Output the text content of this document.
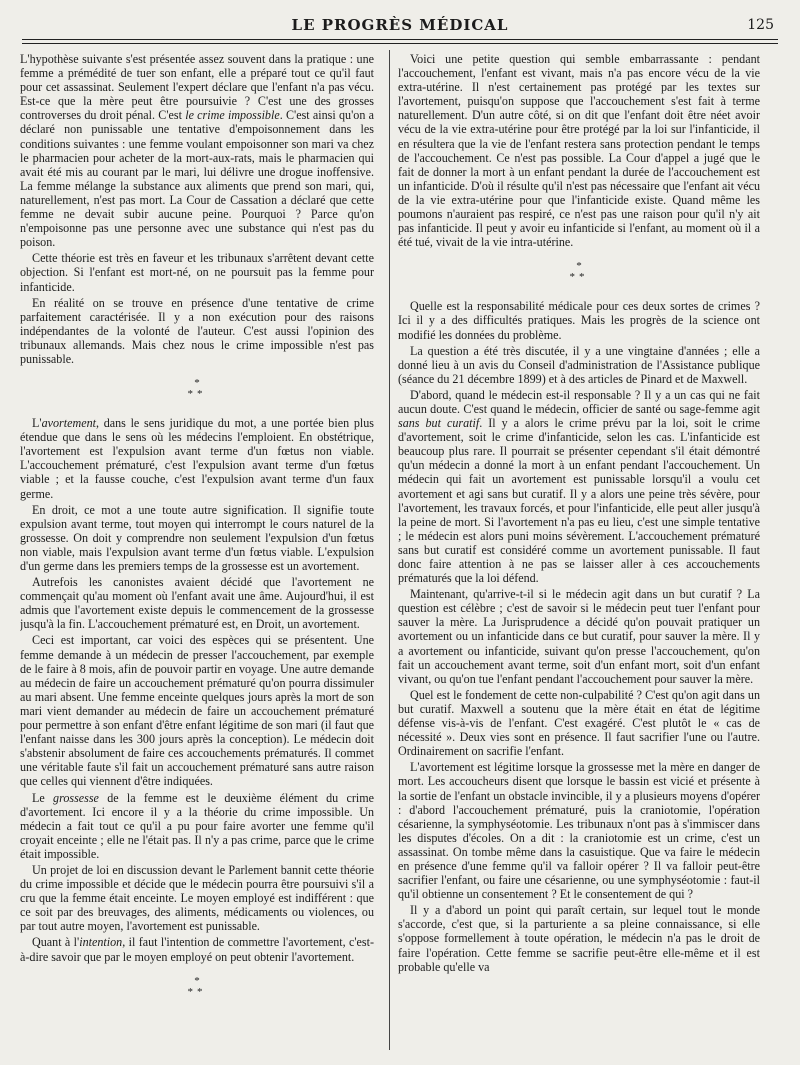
LE PROGRÈS MÉDICAL	125

L'hypothèse suivante s'est présentée assez souvent dans la pratique : une femme a prémédité de tuer son enfant, elle a préparé tout ce qu'il faut pour cet assassinat. Seulement l'expert déclare que l'enfant n'a pas vécu. Est-ce que la mère peut être poursuivie ? C'est une des grosses controverses du droit pénal. C'est le crime impossible. C'est ainsi qu'on a déclaré non punissable une tentative d'empoisonnement dans les conditions suivantes : une femme voulant empoisonner son mari va chez le pharmacien pour acheter de la mort-aux-rats, mais le pharmacien qui avait été mis au courant par le mari, lui délivre une drogue inoffensive. La femme mélange la substance aux aliments que prend son mari, qui, naturellement, n'est pas mort. La Cour de Cassation a déclaré que cette femme ne devait subir aucune peine. Pourquoi ? Parce qu'on n'empoisonne pas une personne avec une substance qui n'est pas du poison.

Cette théorie est très en faveur et les tribunaux s'arrêtent devant cette objection. Si l'enfant est mort-né, on ne poursuit pas la femme pour infanticide.

En réalité on se trouve en présence d'une tentative de crime parfaitement caractérisée. Il y a non exécution pour des raisons indépendantes de la volonté de l'auteur. C'est aussi l'opinion des tribunaux allemands. Mais chez nous le crime impossible n'est pas punissable.

*
**

L'avortement, dans le sens juridique du mot, a une portée bien plus étendue que dans le sens où les médecins l'emploient. En obstétrique, l'avortement est l'expulsion avant terme d'un fœtus non viable. L'accouchement prématuré, c'est l'expulsion avant terme d'un fœtus viable ; et la fausse couche, c'est l'expulsion avant terme d'un faux germe.

En droit, ce mot a une toute autre signification. Il signifie toute expulsion avant terme, tout moyen qui interrompt le cours naturel de la grossesse. On doit y comprendre non seulement l'expulsion d'un fœtus non viable, mais l'expulsion avant terme d'un fœtus viable. L'expulsion d'un germe dans les premiers temps de la grossesse est un avortement.

Autrefois les canonistes avaient décidé que l'avortement ne commençait qu'au moment où l'enfant avait une âme. Aujourd'hui, il est admis que l'avortement existe depuis le commencement de la grossesse jusqu'à la fin. L'accouchement prématuré est, en Droit, un avortement.

Ceci est important, car voici des espèces qui se présentent. Une femme demande à un médecin de presser l'accouchement, par exemple de le faire à 8 mois, afin de pouvoir partir en voyage. Une autre demande au médecin de faire un accouchement prématuré qu'on pourra dissimuler au mari absent. Une femme enceinte quelques jours après la mort de son mari vient demander au médecin de faire un accouchement prématuré pour permettre à son enfant d'être enfant légitime de son mari (il faut que l'enfant naisse dans les 300 jours après la conception). Le médecin doit s'abstenir absolument de faire ces accouchements prématurés. Il commet une véritable faute s'il fait un accouchement prématuré sans autre raison que celles qui viennent d'être indiquées.

Le grossesse de la femme est le deuxième élément du crime d'avortement. Ici encore il y a la théorie du crime impossible. Un médecin a fait tout ce qu'il a pu pour faire avorter une femme qu'il croyait enceinte ; elle ne l'était pas. Il n'y a pas crime, parce que le crime était impossible.

Un projet de loi en discussion devant le Parlement bannit cette théorie du crime impossible et décide que le médecin pourra être poursuivi s'il a cru que la femme était enceinte. Le moyen employé est indifférent : que ce soit par des breuvages, des aliments, médicaments ou violences, ou par tout autre moyen, l'avortement est punissable.

Quant à l'intention, il faut l'intention de commettre l'avortement, c'est-à-dire savoir que par le moyen employé on peut obtenir l'avortement.

*
**

Voici une petite question qui semble embarrassante : pendant l'accouchement, l'enfant est vivant, mais n'a pas encore vécu de la vie extra-utérine. Il n'est certainement pas protégé par les textes sur l'avortement, puisqu'on suppose que l'accouchement s'est fait à terme naturellement. D'un autre côté, si on dit que l'enfant doit être néet avoir vécu de la vie extra-utérine pour être protégé par la loi sur l'infanticide, il en résultera que la vie de l'enfant restera sans protection pendant le temps de l'accouchement. Ce n'est pas possible. La Cour d'appel a jugé que le fait de donner la mort à un enfant pendant la durée de l'accouchement est un infanticide. D'où il résulte qu'il n'est pas nécessaire que l'enfant ait vécu de la vie extra-utérine pour que l'infanticide existe. Quand même les poumons n'auraient pas respiré, ce n'est pas une raison pour qu'il n'y ait pas infanticide. Il peut y avoir eu infanticide si l'enfant, au moment où il a été tué, vivait de la vie intra-utérine.

*
**

Quelle est la responsabilité médicale pour ces deux sortes de crimes ? Ici il y a des difficultés pratiques. Mais les progrès de la science ont modifié les données du problème.

La question a été très discutée, il y a une vingtaine d'années ; elle a donné lieu à un avis du Conseil d'administration de l'Assistance publique (séance du 21 décembre 1899) et à des articles de Pinard et de Maxwell.

D'abord, quand le médecin est-il responsable ? Il y a un cas qui ne fait aucun doute. C'est quand le médecin, officier de santé ou sage-femme agit sans but curatif. Il y a alors le crime prévu par la loi, soit le crime d'avortement, soit le crime d'infanticide, selon les cas. L'infanticide est beaucoup plus rare. Il pourrait se présenter cependant s'il était démontré qu'un médecin a donné la mort à un enfant pendant l'accouchement. Un médecin qui fait un avortement est punissable lorsqu'il a voulu cet avortement et agi sans but curatif. Il y a alors une peine très sévère, pour l'avortement, les travaux forcés, et pour l'infanticide, elle peut aller jusqu'à la peine de mort. Si l'avortement n'a pas eu lieu, c'est une simple tentative ; le médecin est alors puni moins sévèrement. L'accouchement prématuré sans but curatif est considéré comme un avortement punissable. Il faut donc faire attention à ne pas se laisser aller à ces accouchements prématurés que la loi défend.

Maintenant, qu'arrive-t-il si le médecin agit dans un but curatif ? La question est célèbre ; c'est de savoir si le médecin peut tuer l'enfant pour sauver la mère. La Jurisprudence a décidé qu'on pouvait pratiquer un avortement ou un infanticide dans ce but curatif, pour sauver la mère. Il y a avortement ou infanticide, suivant qu'on presse l'accouchement, qu'on fait un accouchement avant terme, soit d'un enfant mort, soit d'un enfant vivant, ou qu'on tue l'enfant pendant l'accouchement pour sauver la mère.

Quel est le fondement de cette non-culpabilité ? C'est qu'on agit dans un but curatif. Maxwell a soutenu que la mère était en état de légitime défense vis-à-vis de l'enfant. C'est exagéré. C'est plutôt le « cas de nécessité ». Deux vies sont en présence. Il faut sacrifier l'une ou l'autre. Ordinairement on sacrifie l'enfant.

L'avortement est légitime lorsque la grossesse met la mère en danger de mort. Les accoucheurs disent que lorsque le bassin est vicié et présente à la sortie de l'enfant un obstacle invincible, il y a plusieurs moyens d'opérer : d'abord l'accouchement prématuré, puis la craniotomie, l'opération césarienne, la symphyséotomie. Les tribunaux n'ont pas à s'immiscer dans les disputes d'écoles. On a dit : la craniotomie est un crime, c'est un assassinat. On tombe même dans la casuistique. Que va faire le médecin en présence d'une femme qu'il va falloir opérer ? Il va falloir peut-être sacrifier l'enfant, ou faire une césarienne, ou une symphyséotomie : faut-il qu'il obtienne un consentement ? Et le consentement de qui ?

Il y a d'abord un point qui paraît certain, sur lequel tout le monde s'accorde, c'est que, si la parturiente a sa pleine connaissance, si elle s'oppose formellement à toute opération, le médecin n'a pas le droit de faire l'opération. Cette femme se sacrifie peut-être elle-même et il est probable qu'elle va
